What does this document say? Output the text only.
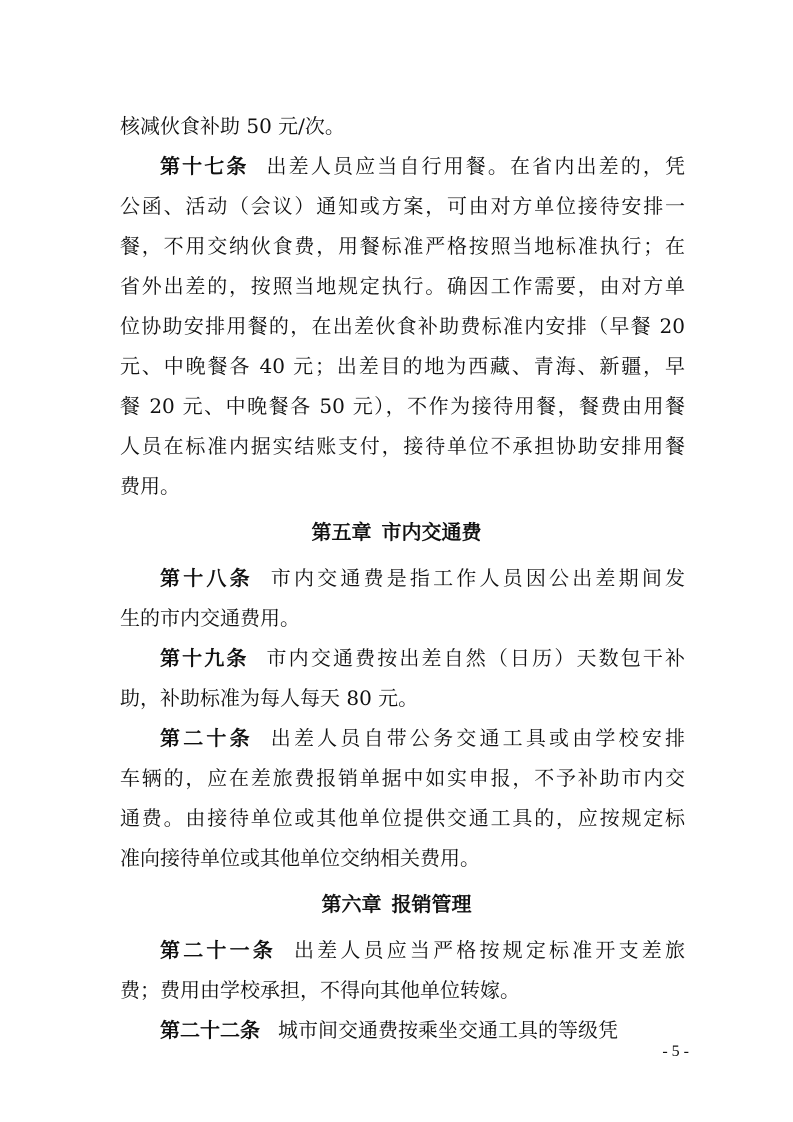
核减伙食补助 50 元/次。
第十七条 出差人员应当自行用餐。在省内出差的，凭
公函、活动（会议）通知或方案，可由对方单位接待安排一
餐，不用交纳伙食费，用餐标准严格按照当地标准执行；在
省外出差的，按照当地规定执行。确因工作需要，由对方单
位协助安排用餐的，在出差伙食补助费标准内安排（早餐 20
元、中晚餐各 40 元；出差目的地为西藏、青海、新疆，早
餐 20 元、中晚餐各 50 元），不作为接待用餐，餐费由用餐
人员在标准内据实结账支付，接待单位不承担协助安排用餐
费用。
第五章 市内交通费
第十八条 市内交通费是指工作人员因公出差期间发
生的市内交通费用。
第十九条 市内交通费按出差自然（日历）天数包干补
助，补助标准为每人每天 80 元。
第二十条 出差人员自带公务交通工具或由学校安排
车辆的，应在差旅费报销单据中如实申报，不予补助市内交
通费。由接待单位或其他单位提供交通工具的，应按规定标
准向接待单位或其他单位交纳相关费用。
第六章 报销管理
第二十一条 出差人员应当严格按规定标准开支差旅
费；费用由学校承担，不得向其他单位转嫁。
第二十二条 城市间交通费按乘坐交通工具的等级凭
- 5 -
